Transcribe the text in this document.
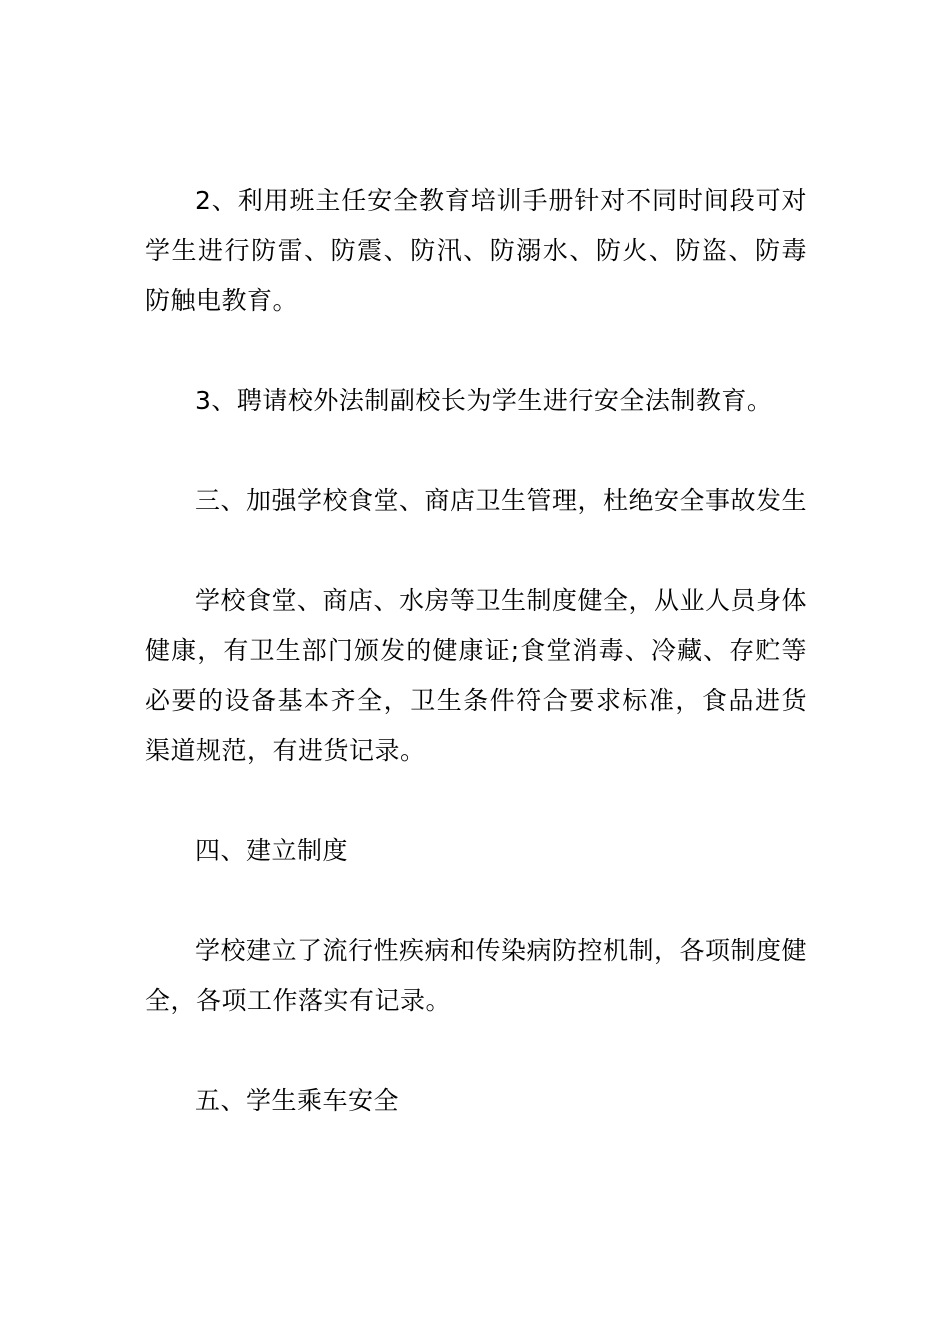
2、利用班主任安全教育培训手册针对不同时间段可对学生进行防雷、防震、防汛、防溺水、防火、防盗、防毒防触电教育。

3、聘请校外法制副校长为学生进行安全法制教育。

三、加强学校食堂、商店卫生管理，杜绝安全事故发生

学校食堂、商店、水房等卫生制度健全，从业人员身体健康，有卫生部门颁发的健康证;食堂消毒、冷藏、存贮等必要的设备基本齐全，卫生条件符合要求标准，食品进货渠道规范，有进货记录。

四、建立制度

学校建立了流行性疾病和传染病防控机制，各项制度健全，各项工作落实有记录。

五、学生乘车安全
